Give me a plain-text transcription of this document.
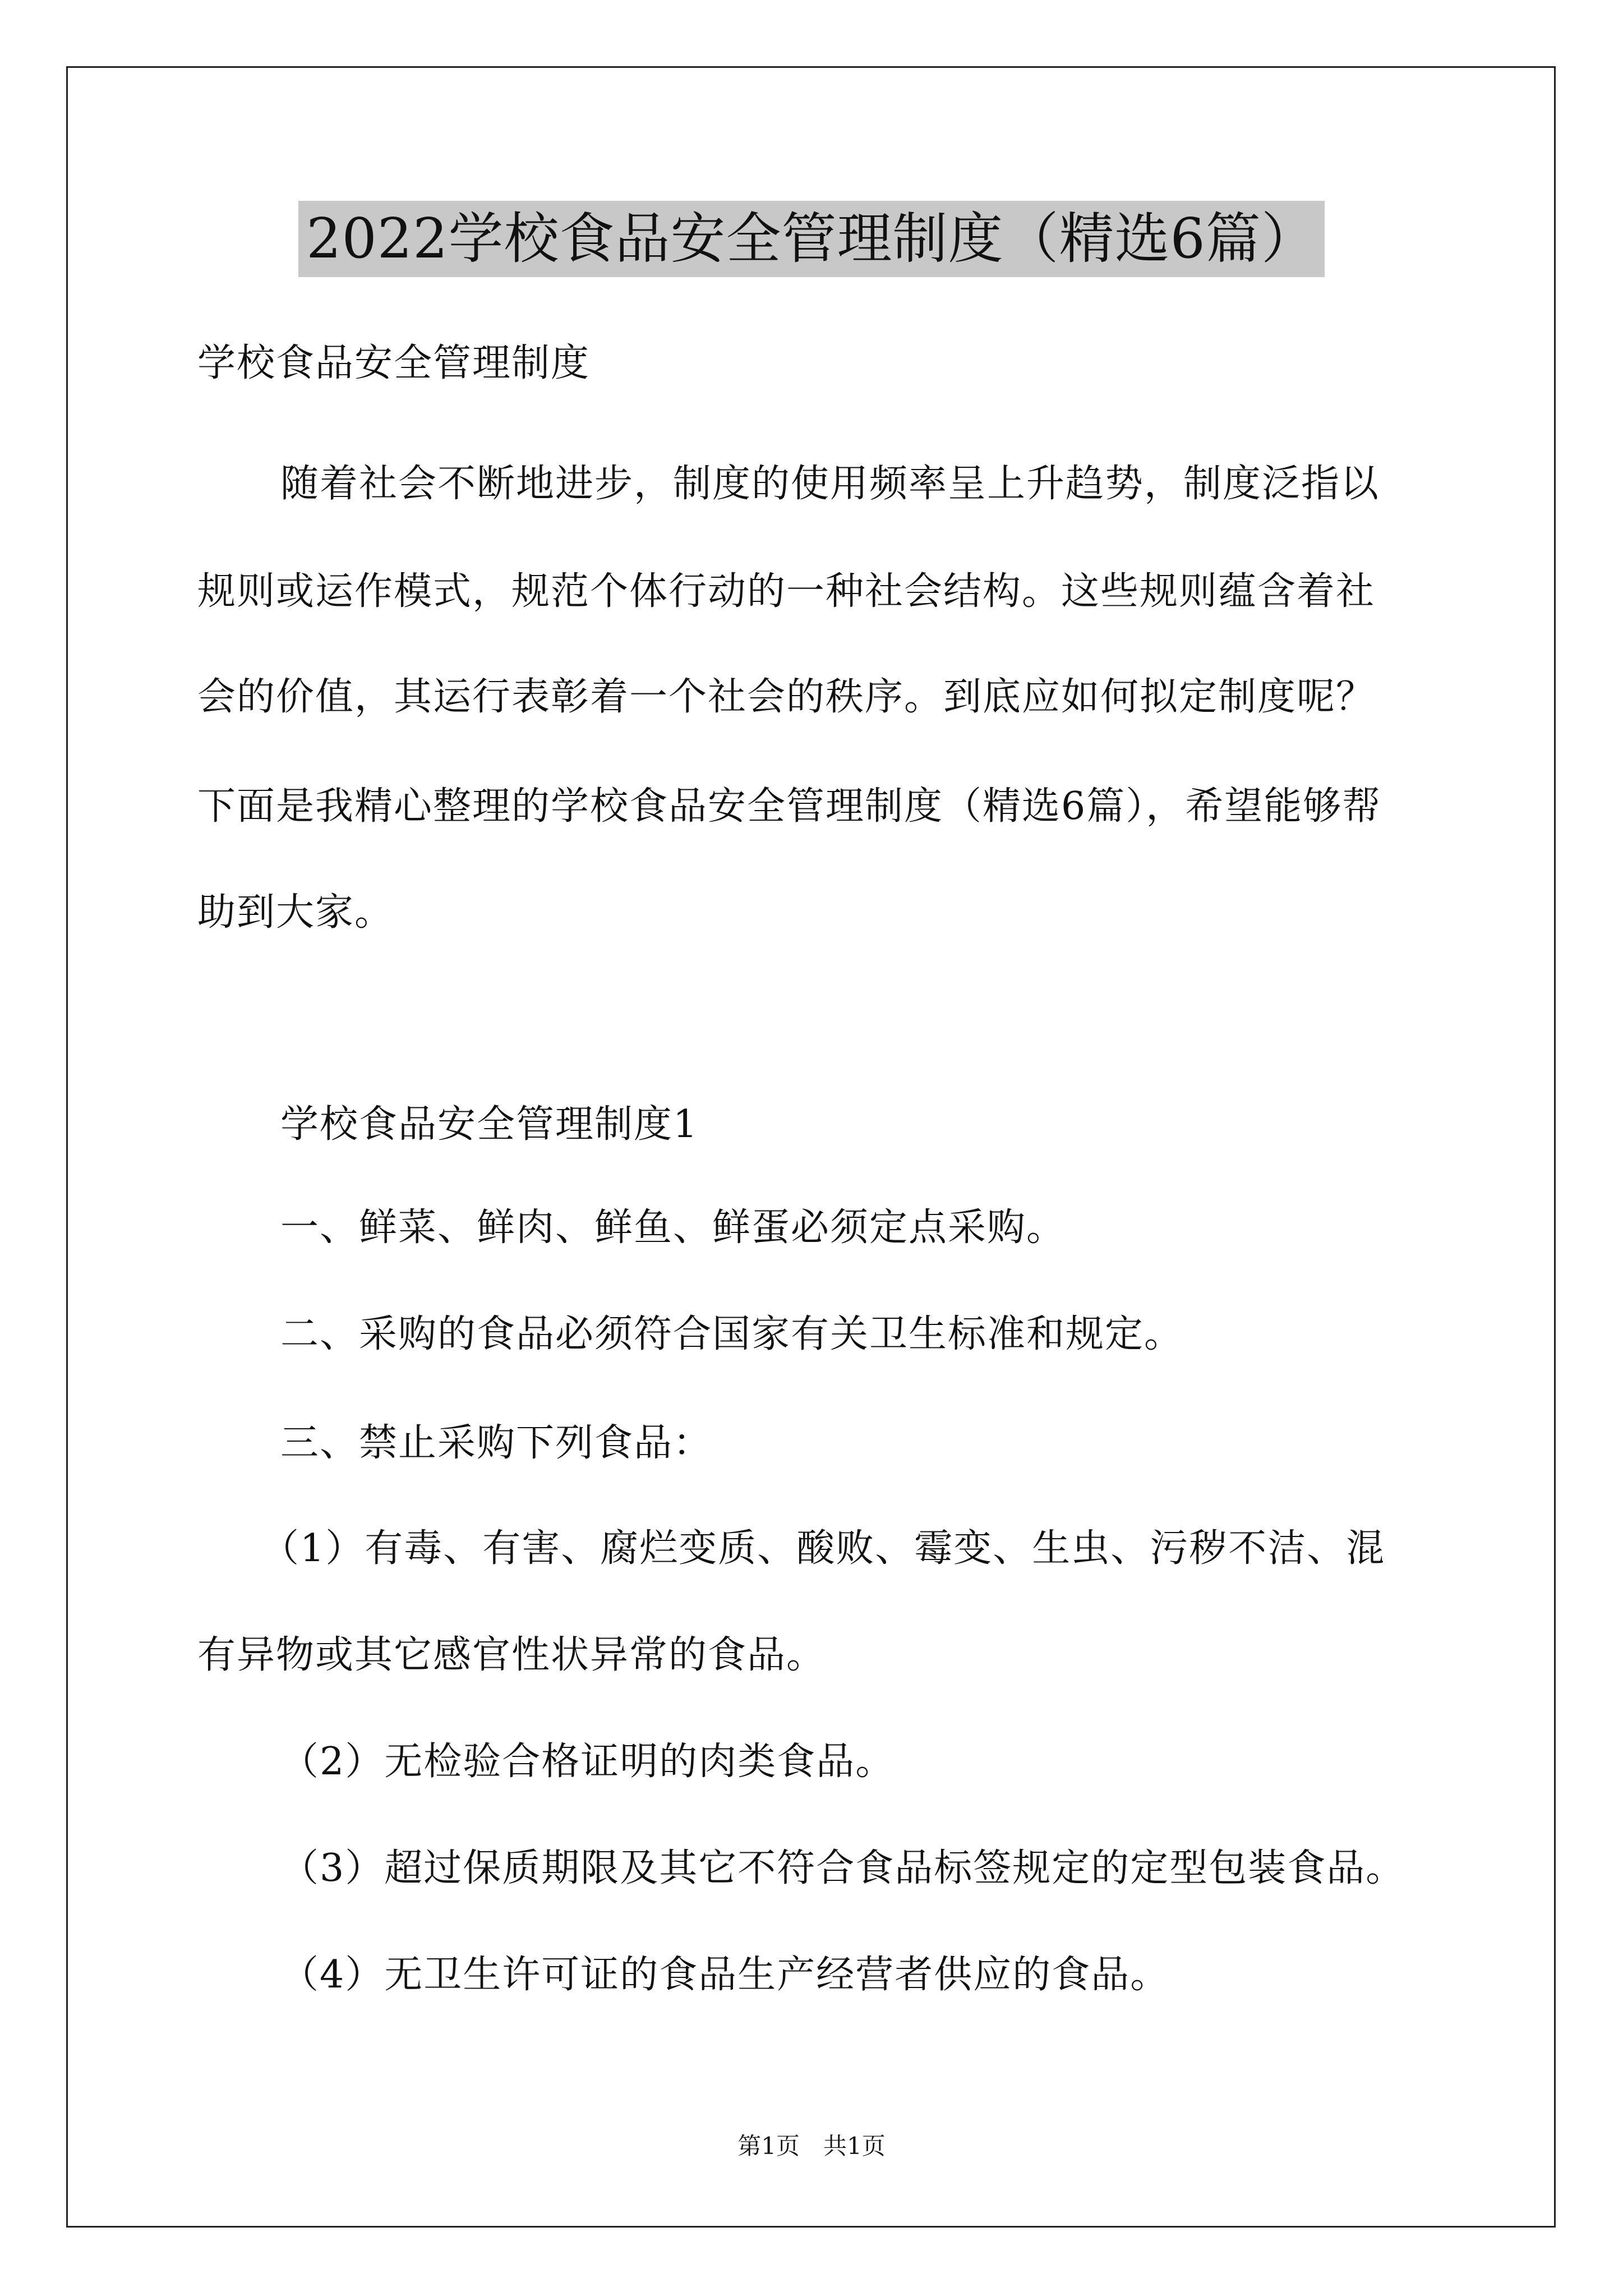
2022学校食品安全管理制度（精选6篇）
学校食品安全管理制度
随着社会不断地进步，制度的使用频率呈上升趋势，制度泛指以
规则或运作模式，规范个体行动的一种社会结构。这些规则蕴含着社
会的价值，其运行表彰着一个社会的秩序。到底应如何拟定制度呢？
下面是我精心整理的学校食品安全管理制度（精选6篇），希望能够帮
助到大家。
学校食品安全管理制度1
一、鲜菜、鲜肉、鲜鱼、鲜蛋必须定点采购。
二、采购的食品必须符合国家有关卫生标准和规定。
三、禁止采购下列食品：
（1）有毒、有害、腐烂变质、酸败、霉变、生虫、污秽不洁、混
有异物或其它感官性状异常的食品。
（2）无检验合格证明的肉类食品。
（3）超过保质期限及其它不符合食品标签规定的定型包装食品。
（4）无卫生许可证的食品生产经营者供应的食品。
第1页　共1页
